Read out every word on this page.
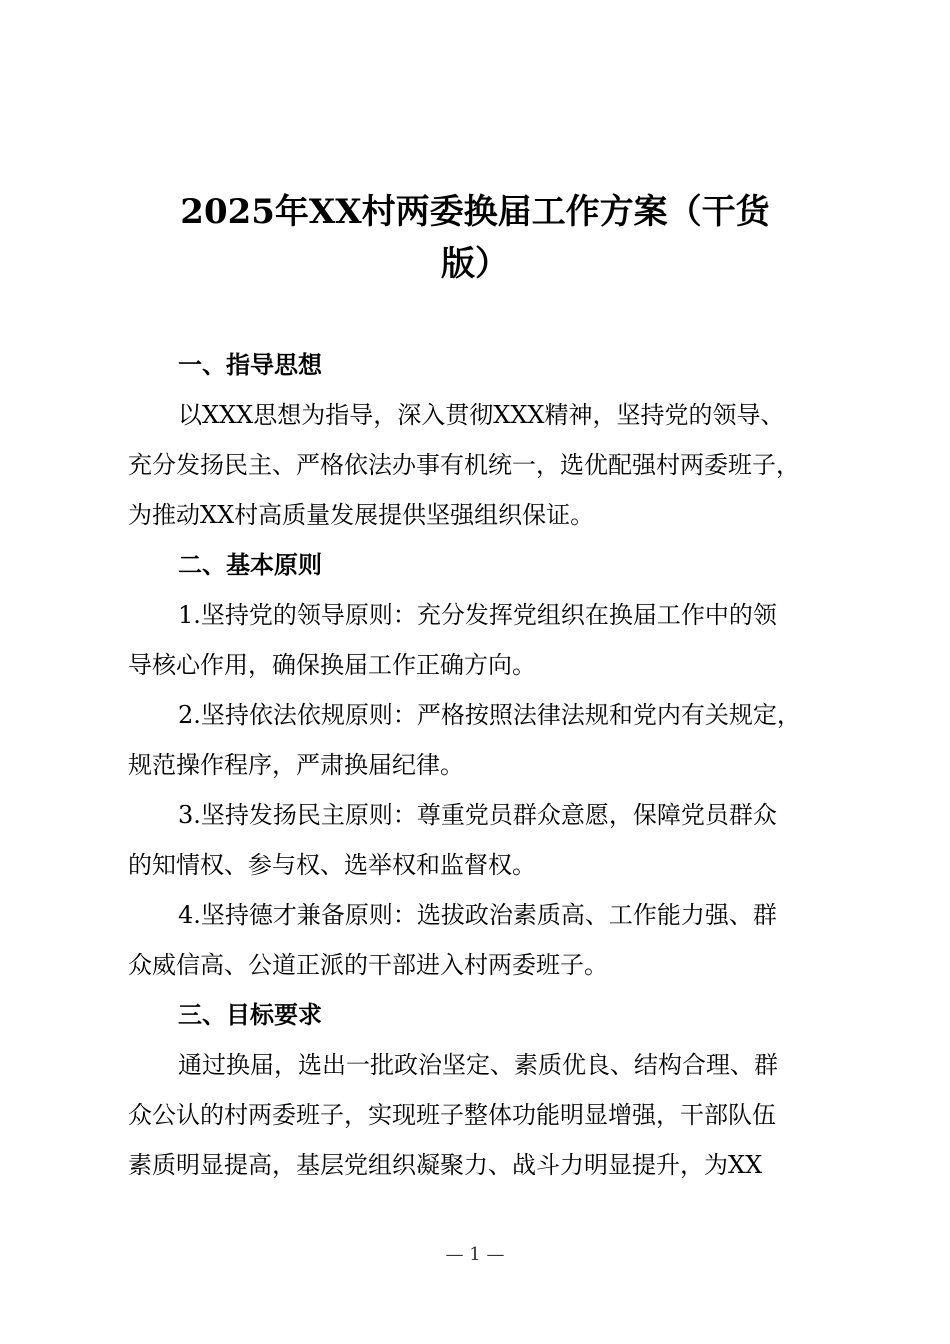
2025年XX村两委换届工作方案（干货
版）

一、指导思想

以XXX思想为指导，深入贯彻XXX精神，坚持党的领导、

充分发扬民主、严格依法办事有机统一，选优配强村两委班子，

为推动XX村高质量发展提供坚强组织保证。

二、基本原则

1.坚持党的领导原则：充分发挥党组织在换届工作中的领

导核心作用，确保换届工作正确方向。

2.坚持依法依规原则：严格按照法律法规和党内有关规定，

规范操作程序，严肃换届纪律。

3.坚持发扬民主原则：尊重党员群众意愿，保障党员群众

的知情权、参与权、选举权和监督权。

4.坚持德才兼备原则：选拔政治素质高、工作能力强、群

众威信高、公道正派的干部进入村两委班子。

三、目标要求

通过换届，选出一批政治坚定、素质优良、结构合理、群

众公认的村两委班子，实现班子整体功能明显增强，干部队伍

素质明显提高，基层党组织凝聚力、战斗力明显提升，为XX

— 1 —
